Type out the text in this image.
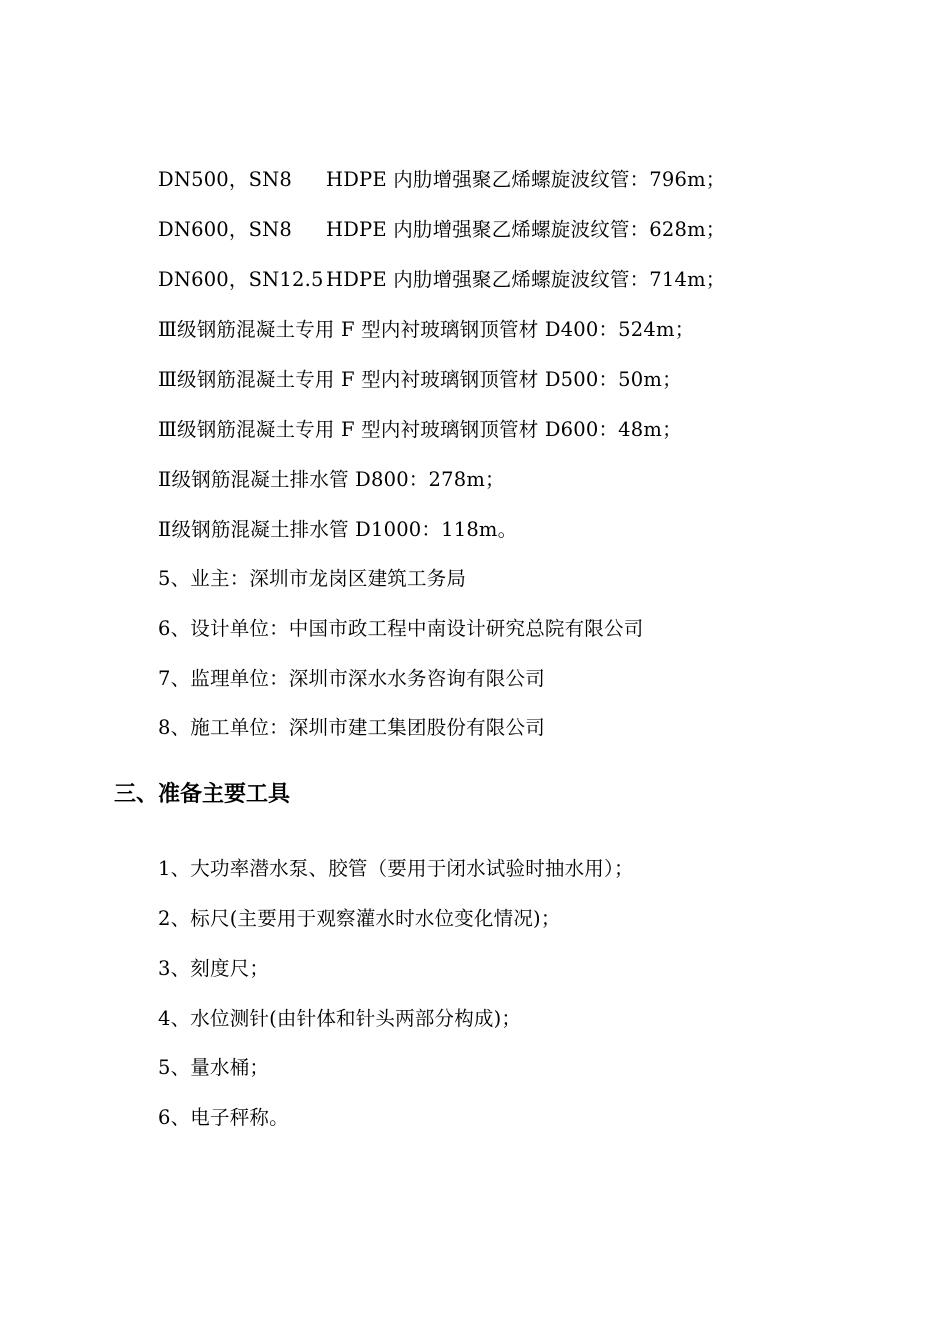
DN500，SN8 HDPE 内肋增强聚乙烯螺旋波纹管：796m；
DN600，SN8 HDPE 内肋增强聚乙烯螺旋波纹管：628m；
DN600，SN12.5 HDPE 内肋增强聚乙烯螺旋波纹管：714m；
Ⅲ级钢筋混凝土专用 F 型内衬玻璃钢顶管材 D400：524m；
Ⅲ级钢筋混凝土专用 F 型内衬玻璃钢顶管材 D500：50m；
Ⅲ级钢筋混凝土专用 F 型内衬玻璃钢顶管材 D600：48m；
Ⅱ级钢筋混凝土排水管 D800：278m；
Ⅱ级钢筋混凝土排水管 D1000：118m。
5、业主：深圳市龙岗区建筑工务局
6、设计单位：中国市政工程中南设计研究总院有限公司
7、监理单位：深圳市深水水务咨询有限公司
8、施工单位：深圳市建工集团股份有限公司
三、准备主要工具
1、大功率潜水泵、胶管（要用于闭水试验时抽水用）；
2、标尺(主要用于观察灌水时水位变化情况)；
3、刻度尺；
4、水位测针(由针体和针头两部分构成)；
5、量水桶；
6、电子秤称。
